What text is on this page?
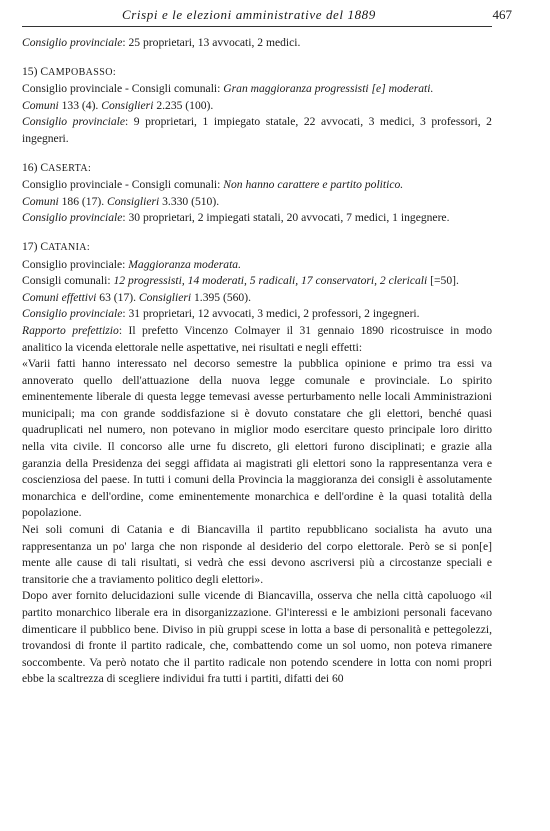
Crispi e le elezioni amministrative del 1889	467

Consiglio provinciale: 25 proprietari, 13 avvocati, 2 medici.

15) CAMPOBASSO:

Consiglio provinciale - Consigli comunali: Gran maggioranza progressisti [e] moderati.

Comuni 133 (4). Consiglieri 2.235 (100).

Consiglio provinciale: 9 proprietari, 1 impiegato statale, 22 avvocati, 3 medici, 3 professori, 2 ingegneri.

16) CASERTA:

Consiglio provinciale - Consigli comunali: Non hanno carattere e partito politico.

Comuni 186 (17). Consiglieri 3.330 (510).

Consiglio provinciale: 30 proprietari, 2 impiegati statali, 20 avvocati, 7 medici, 1 ingegnere.

17) CATANIA:

Consiglio provinciale: Maggioranza moderata.

Consigli comunali: 12 progressisti, 14 moderati, 5 radicali, 17 conservatori, 2 clericali [=50].

Comuni effettivi 63 (17). Consiglieri 1.395 (560).

Consiglio provinciale: 31 proprietari, 12 avvocati, 3 medici, 2 professori, 2 ingegneri.

Rapporto prefettizio: Il prefetto Vincenzo Colmayer il 31 gennaio 1890 ricostruisce in modo analitico la vicenda elettorale nelle aspettative, nei risultati e negli effetti:

«Varii fatti hanno interessato nel decorso semestre la pubblica opinione e primo tra essi va annoverato quello dell'attuazione della nuova legge comunale e provinciale. Lo spirito eminentemente liberale di questa legge temevasi avesse perturbamento nelle locali Amministrazioni municipali; ma con grande soddisfazione si è dovuto constatare che gli elettori, benché quasi quadruplicati nel numero, non potevano in miglior modo esercitare questo principale loro diritto nella vita civile. Il concorso alle urne fu discreto, gli elettori furono disciplinati; e grazie alla garanzia della Presidenza dei seggi affidata ai magistrati gli elettori sono la rappresentanza vera e coscienziosa del paese. In tutti i comuni della Provincia la maggioranza dei consigli è assolutamente monarchica e dell'ordine, come eminentemente monarchica e dell'ordine è la quasi totalità della popolazione.

Nei soli comuni di Catania e di Biancavilla il partito repubblicano socialista ha avuto una rappresentanza un po' larga che non risponde al desiderio del corpo elettorale. Però se si pon[e] mente alle cause di tali risultati, si vedrà che essi devono ascriversi più a circostanze speciali e transitorie che a traviamento politico degli elettori».

Dopo aver fornito delucidazioni sulle vicende di Biancavilla, osserva che nella città capoluogo «il partito monarchico liberale era in disorganizzazione. Gl'interessi e le ambizioni personali facevano dimenticare il pubblico bene. Diviso in più gruppi scese in lotta a base di personalità e pettegolezzi, trovandosi di fronte il partito radicale, che, combattendo come un sol uomo, non poteva rimanere soccombente. Va però notato che il partito radicale non potendo scendere in lotta con nomi propri ebbe la scaltrezza di scegliere individui fra tutti i partiti, difatti dei 60
